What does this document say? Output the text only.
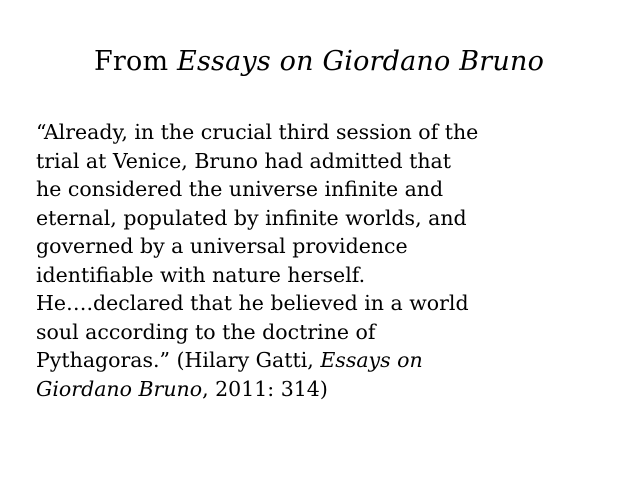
From Essays on Giordano Bruno
“Already, in the crucial third session of the
trial at Venice, Bruno had admitted that
he considered the universe infinite and
eternal, populated by infinite worlds, and
governed by a universal providence
identifiable with nature herself.
He….declared that he believed in a world
soul according to the doctrine of
Pythagoras.” (Hilary Gatti, Essays on
Giordano Bruno, 2011: 314)
